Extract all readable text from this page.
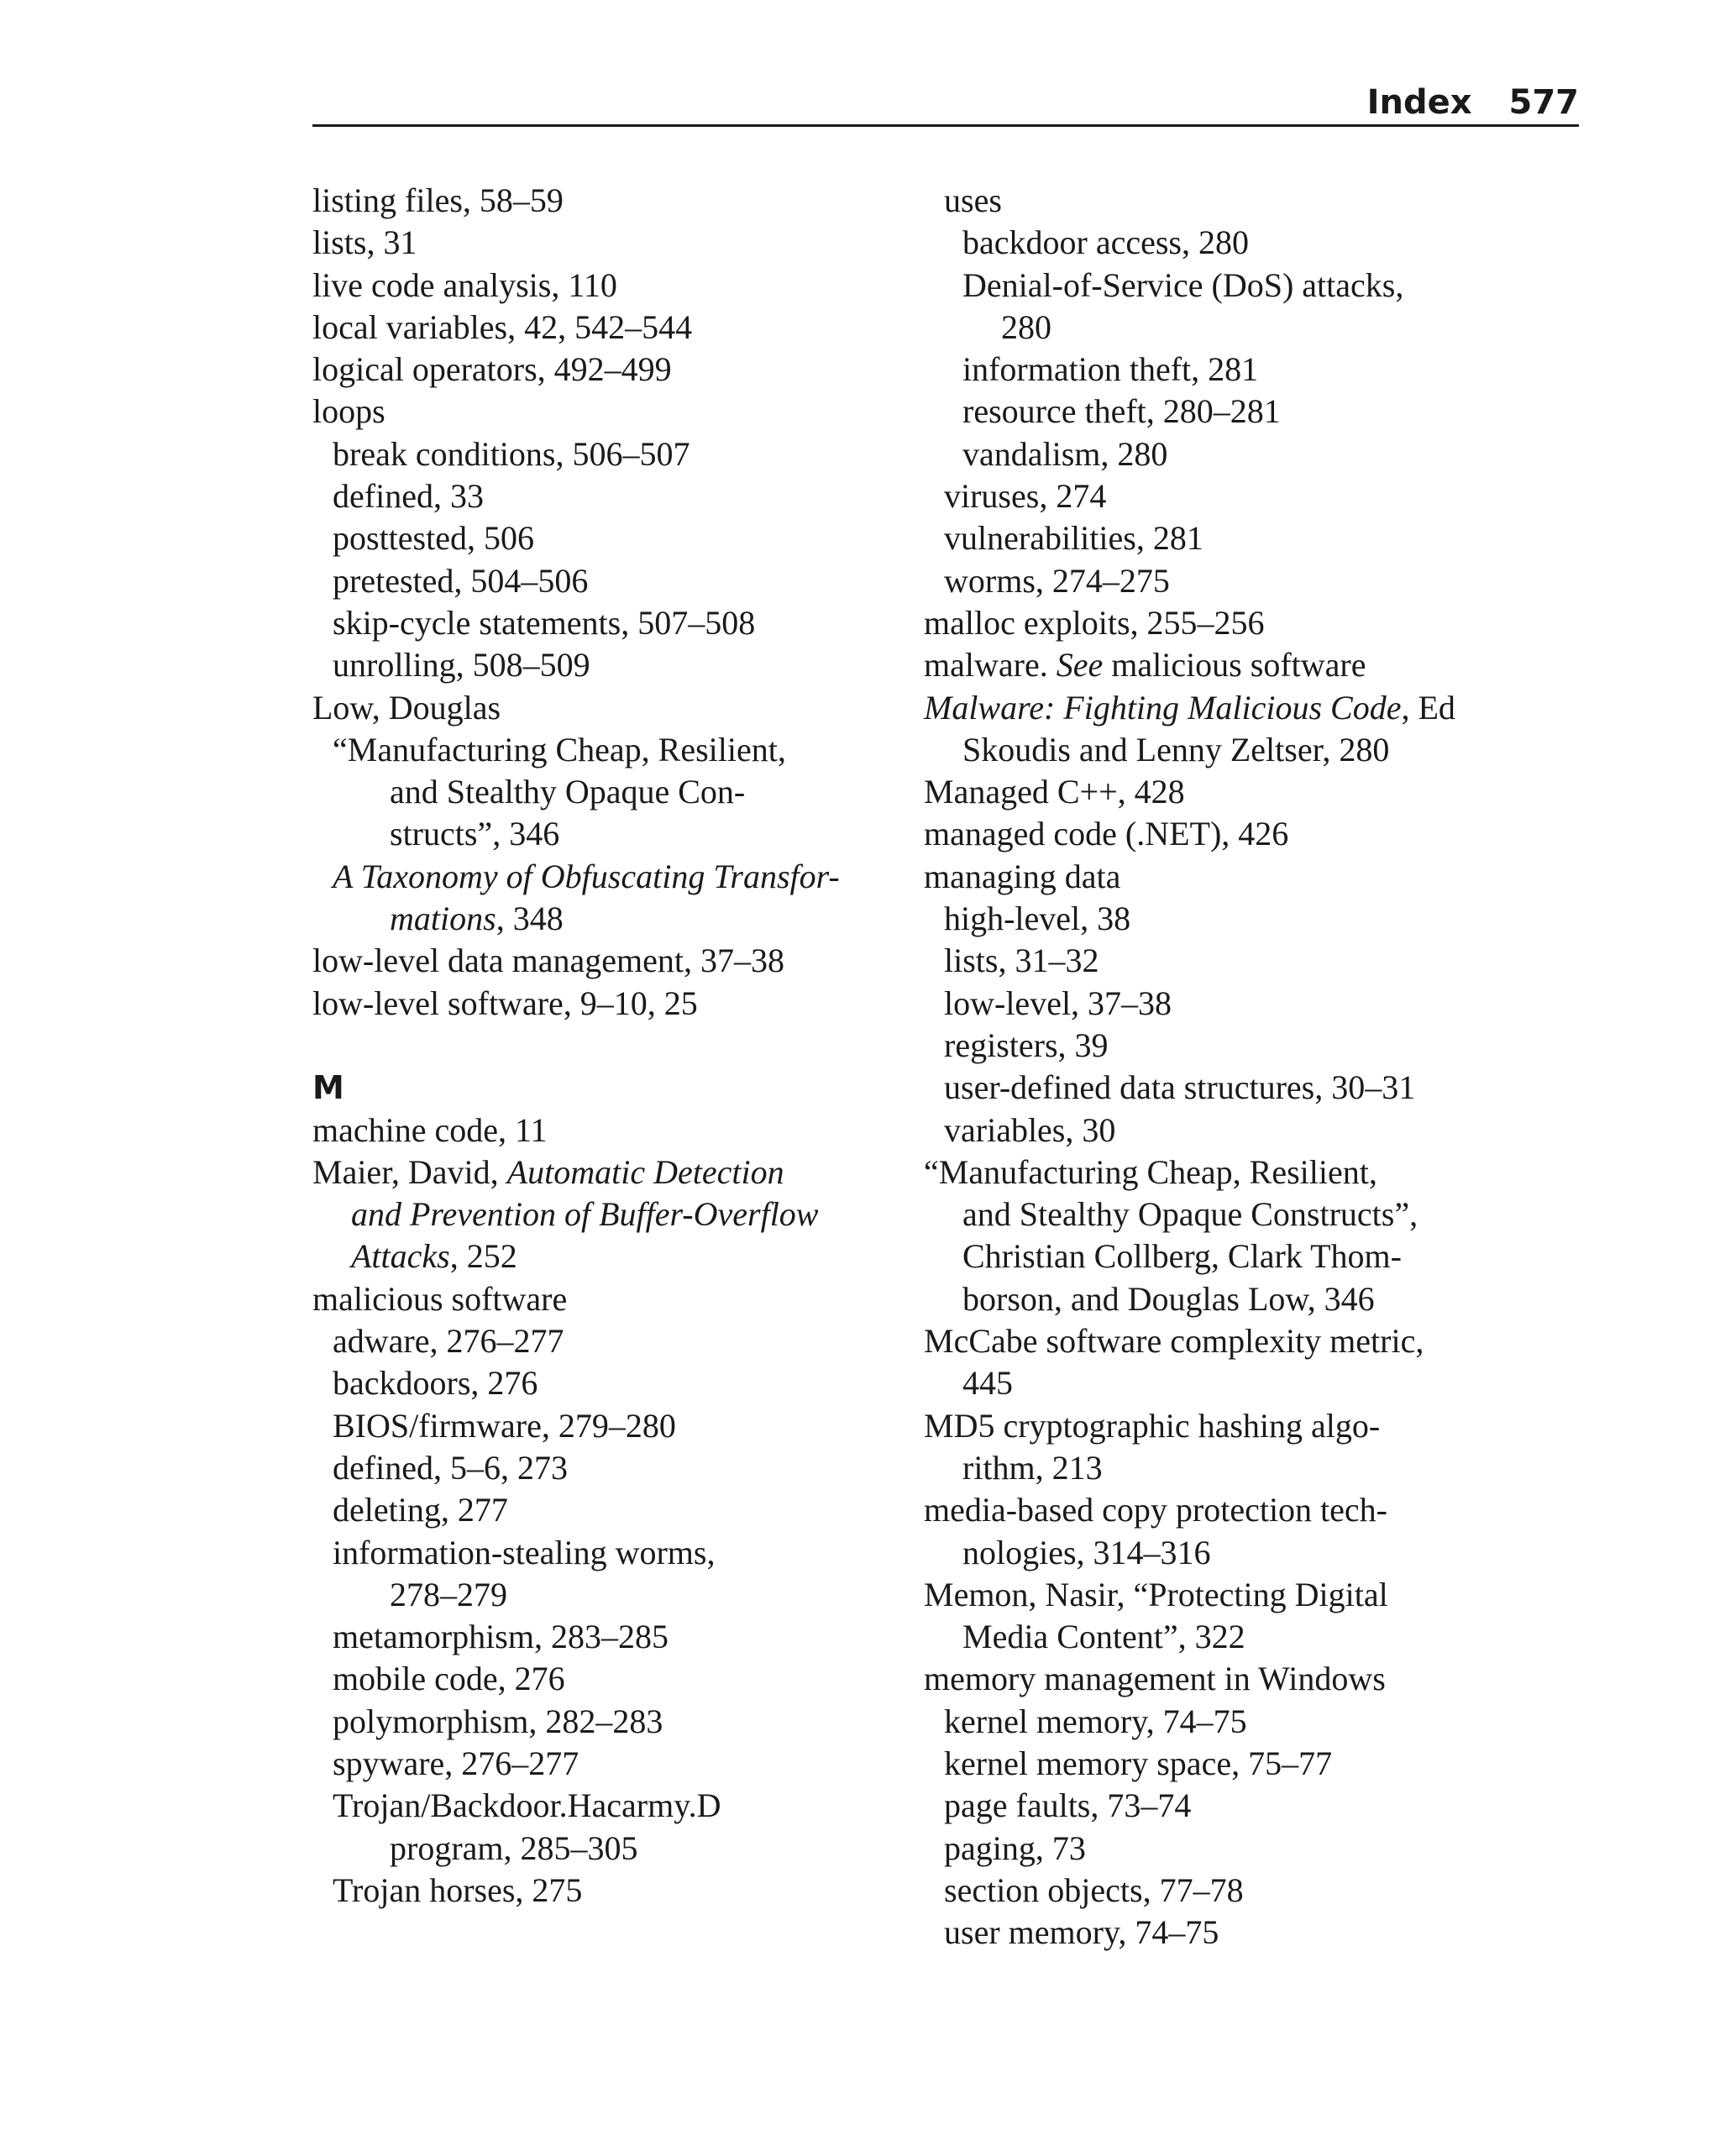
Index 577
listing files, 58–59
lists, 31
live code analysis, 110
local variables, 42, 542–544
logical operators, 492–499
loops
break conditions, 506–507
defined, 33
posttested, 506
pretested, 504–506
skip-cycle statements, 507–508
unrolling, 508–509
Low, Douglas
“Manufacturing Cheap, Resilient,
and Stealthy Opaque Con-
structs”, 346
A Taxonomy of Obfuscating Transfor-
mations, 348
low-level data management, 37–38
low-level software, 9–10, 25
M
machine code, 11
Maier, David, Automatic Detection
and Prevention of Buffer-Overflow
Attacks, 252
malicious software
adware, 276–277
backdoors, 276
BIOS/firmware, 279–280
defined, 5–6, 273
deleting, 277
information-stealing worms,
278–279
metamorphism, 283–285
mobile code, 276
polymorphism, 282–283
spyware, 276–277
Trojan/Backdoor.Hacarmy.D
program, 285–305
Trojan horses, 275
uses
backdoor access, 280
Denial-of-Service (DoS) attacks,
280
information theft, 281
resource theft, 280–281
vandalism, 280
viruses, 274
vulnerabilities, 281
worms, 274–275
malloc exploits, 255–256
malware. See malicious software
Malware: Fighting Malicious Code, Ed
Skoudis and Lenny Zeltser, 280
Managed C++, 428
managed code (.NET), 426
managing data
high-level, 38
lists, 31–32
low-level, 37–38
registers, 39
user-defined data structures, 30–31
variables, 30
“Manufacturing Cheap, Resilient,
and Stealthy Opaque Constructs”,
Christian Collberg, Clark Thom-
borson, and Douglas Low, 346
McCabe software complexity metric,
445
MD5 cryptographic hashing algo-
rithm, 213
media-based copy protection tech-
nologies, 314–316
Memon, Nasir, “Protecting Digital
Media Content”, 322
memory management in Windows
kernel memory, 74–75
kernel memory space, 75–77
page faults, 73–74
paging, 73
section objects, 77–78
user memory, 74–75
